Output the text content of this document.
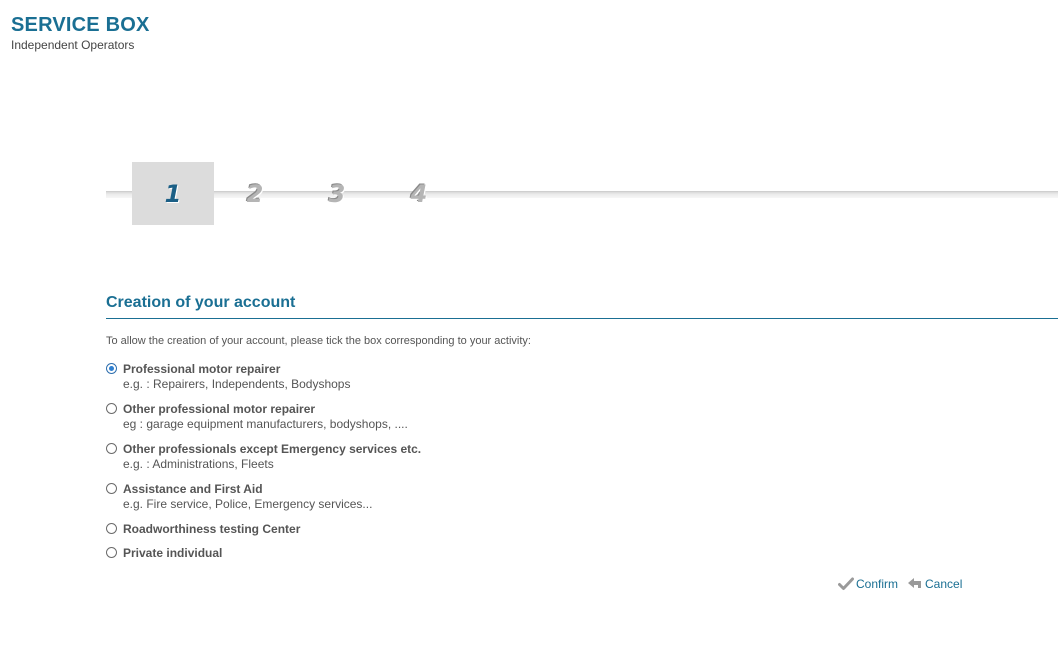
SERVICE BOX
Independent Operators
1	2	3	4
Creation of your account
To allow the creation of your account, please tick the box corresponding to your activity:
Professional motor repairer
e.g. : Repairers, Independents, Bodyshops
Other professional motor repairer
eg : garage equipment manufacturers, bodyshops, ....
Other professionals except Emergency services etc.
e.g. : Administrations, Fleets
Assistance and First Aid
e.g. Fire service, Police, Emergency services...
Roadworthiness testing Center
Private individual
Confirm Cancel
